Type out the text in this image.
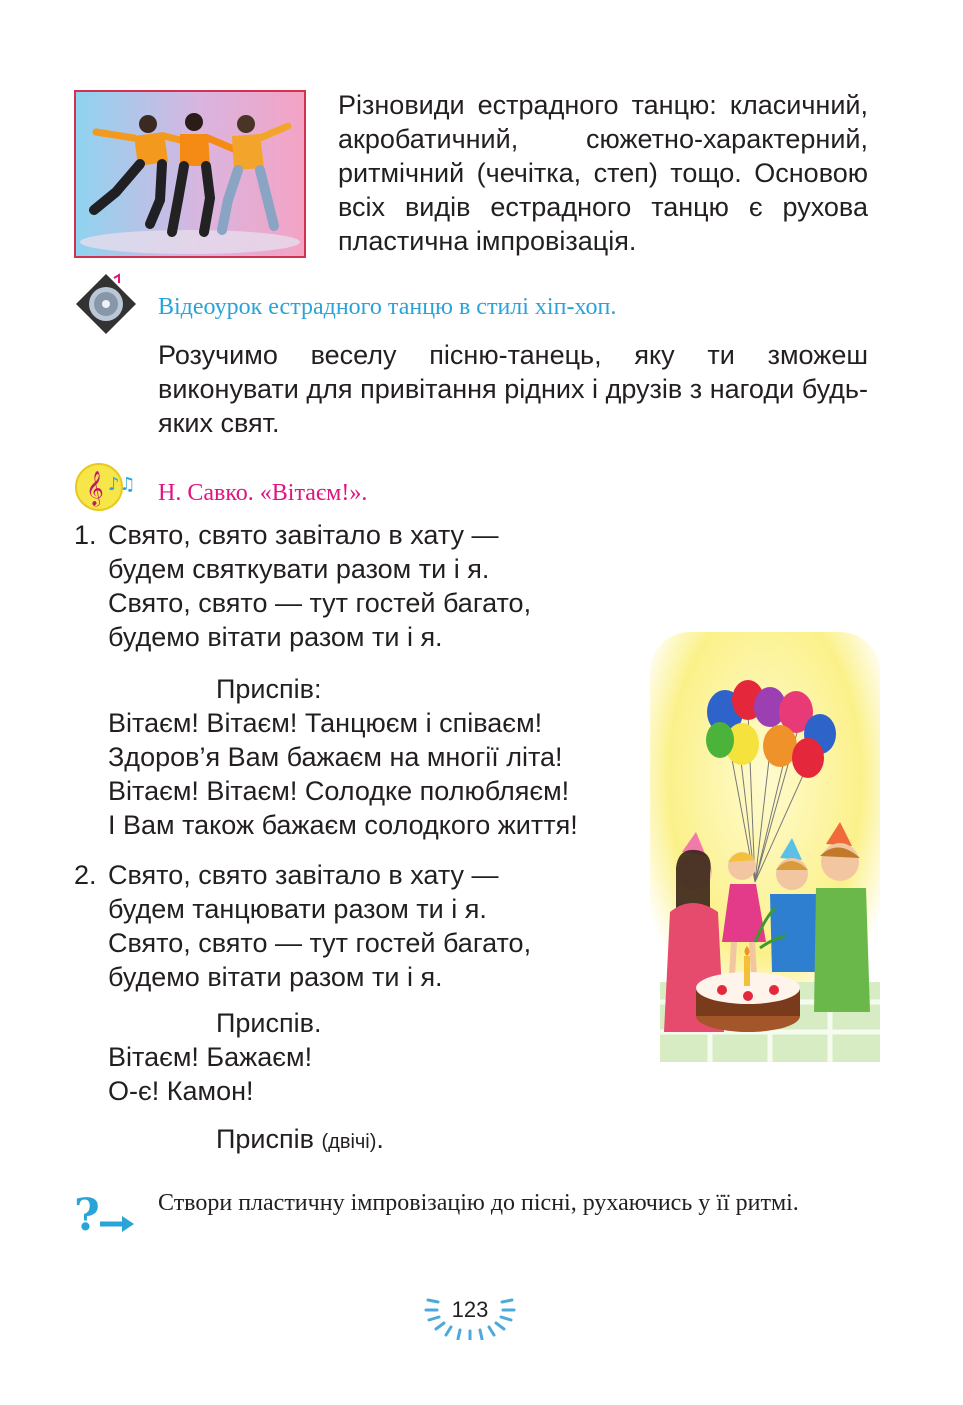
Різновиди естрадного танцю: класичний, акробатичний, сюжетно-характерний, ритмічний (чечітка, степ) тощо. Основою всіх видів естрадного танцю є рухова пластична імпровізація.

Відеоурок естрадного танцю в стилі хіп-хоп.
Розучимо веселу пісню-танець, яку ти зможеш виконувати для привітання рідних і друзів з нагоди будь-яких свят.
𝄞 ♪♫ Н. Савко. «Вітаєм!».
1. Свято, свято завітало в хату —
будем святкувати разом ти і я.
Свято, свято — тут гостей багато,
будемо вітати разом ти і я.
Приспів:
Вітаєм! Вітаєм! Танцюєм і співаєм!
Здоров’я Вам бажаєм на многії літа!
Вітаєм! Вітаєм! Солодке полюбляєм!
І Вам також бажаєм солодкого життя!
2. Свято, свято завітало в хату —
будем танцювати разом ти і я.
Свято, свято — тут гостей багато,
будемо вітати разом ти і я.
Приспів.
Вітаєм! Бажаєм!
О-є! Камон!
Приспів (двічі).
? Створи пластичну імпровізацію до пісні, рухаючись у її ритмі.
123
